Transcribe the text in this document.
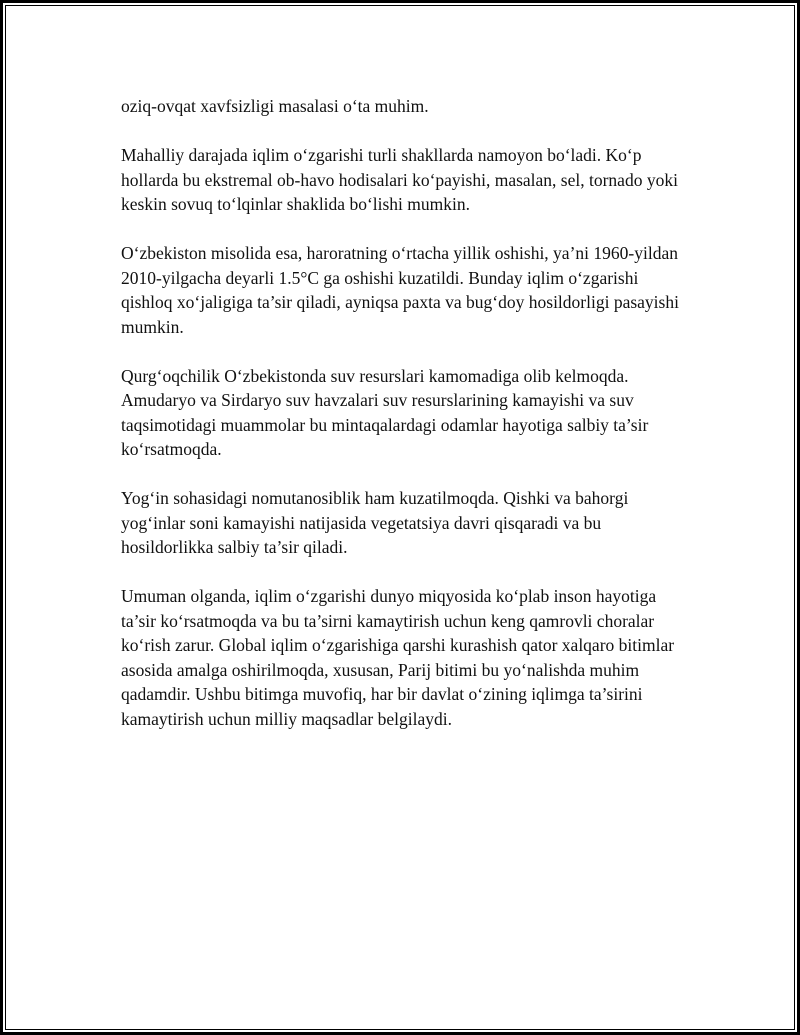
oziq-ovqat xavfsizligi masalasi o‘ta muhim.

Mahalliy darajada iqlim o‘zgarishi turli shakllarda namoyon bo‘ladi. Ko‘p hollarda bu ekstremal ob-havo hodisalari ko‘payishi, masalan, sel, tornado yoki keskin sovuq to‘lqinlar shaklida bo‘lishi mumkin.

O‘zbekiston misolida esa, haroratning o‘rtacha yillik oshishi, ya’ni 1960-yildan 2010-yilgacha deyarli 1.5°C ga oshishi kuzatildi. Bunday iqlim o‘zgarishi qishloq xo‘jaligiga ta’sir qiladi, ayniqsa paxta va bug‘doy hosildorligi pasayishi mumkin.

Qurg‘oqchilik O‘zbekistonda suv resurslari kamomadiga olib kelmoqda. Amudaryo va Sirdaryo suv havzalari suv resurslarining kamayishi va suv taqsimotidagi muammolar bu mintaqalardagi odamlar hayotiga salbiy ta’sir ko‘rsatmoqda.

Yog‘in sohasidagi nomutanosiblik ham kuzatilmoqda. Qishki va bahorgi yog‘inlar soni kamayishi natijasida vegetatsiya davri qisqaradi va bu hosildorlikka salbiy ta’sir qiladi.

Umuman olganda, iqlim o‘zgarishi dunyo miqyosida ko‘plab inson hayotiga ta’sir ko‘rsatmoqda va bu ta’sirni kamaytirish uchun keng qamrovli choralar ko‘rish zarur. Global iqlim o‘zgarishiga qarshi kurashish qator xalqaro bitimlar asosida amalga oshirilmoqda, xususan, Parij bitimi bu yo‘nalishda muhim qadamdir. Ushbu bitimga muvofiq, har bir davlat o‘zining iqlimga ta’sirini kamaytirish uchun milliy maqsadlar belgilaydi.
